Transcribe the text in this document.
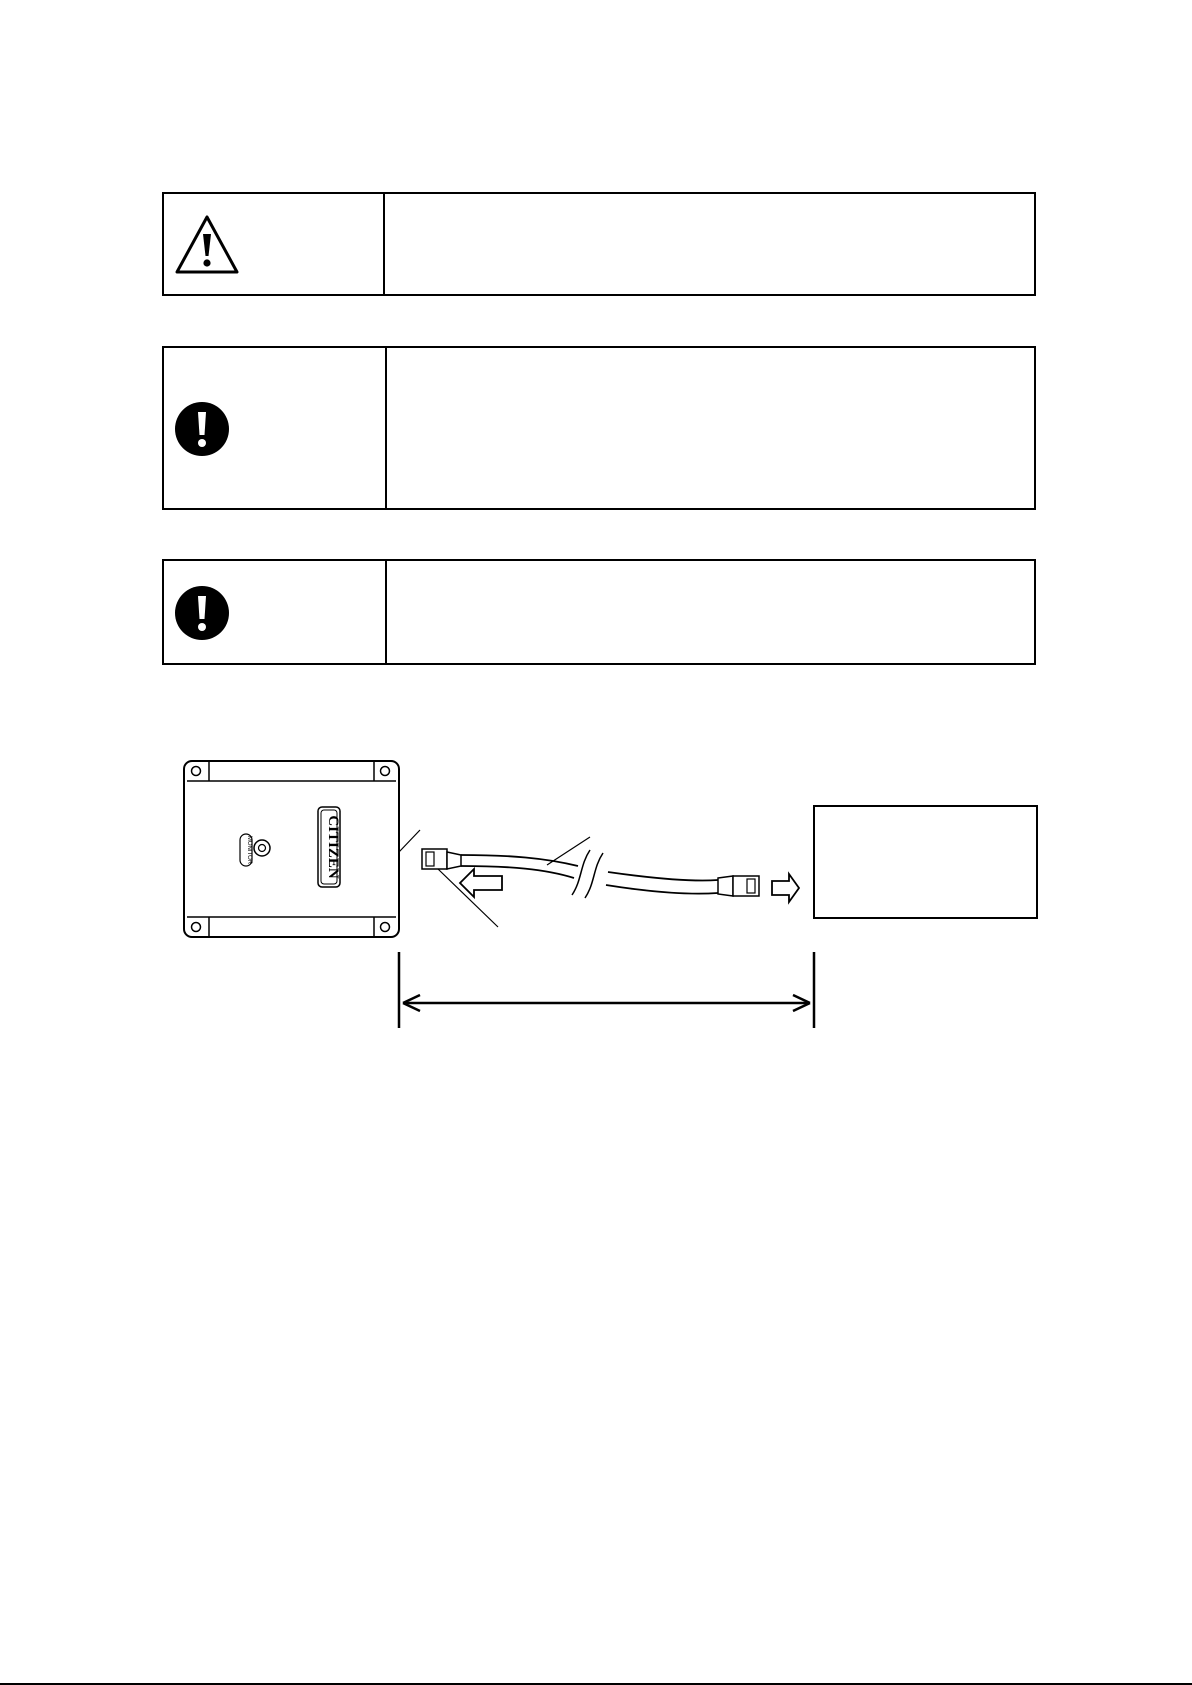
MONITOR	CITIZEN
